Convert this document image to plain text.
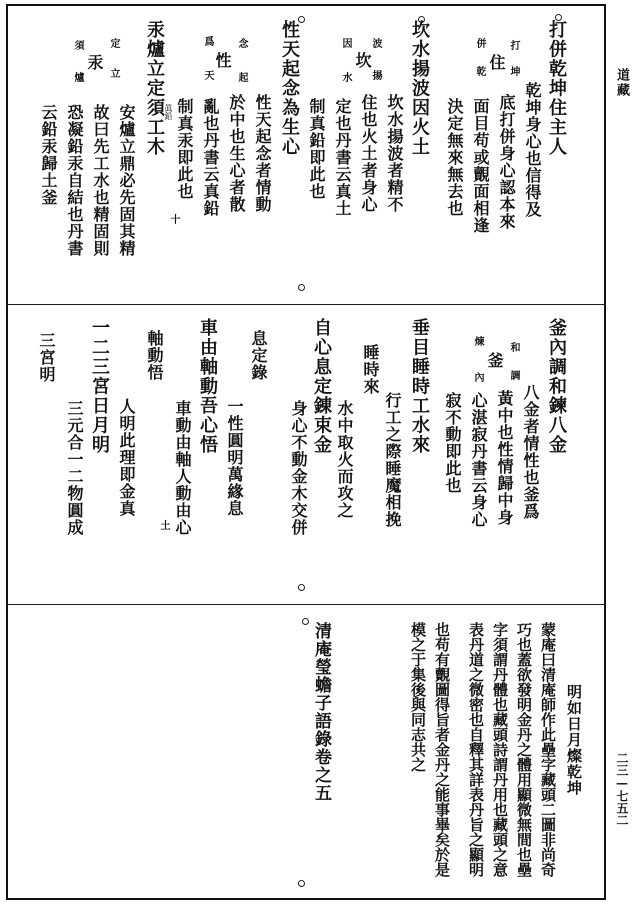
道藏
二三—七五二
打併乾坤住主人
打
坤
併
住
乾
乾坤身心也信得及
底打併身心認本來
面目苟或覿面相逢
決定無來無去也
坎水揚波因火土
波
揚
因
坎
水
坎水揚波者精不
住也火土者身心
定也丹書云真土
制真鉛即此也
性天起念為生心
念
起
爲
性
天
性天起念者情動
於中也生心者散
亂也丹書云真鉛
制真汞即此也
眞鉛
十
汞爐立定須工木
定
立
須
汞
爐
安爐立鼎必先固其精
故曰先工水也精固則
恐凝鉛汞自結也丹書
云鉛汞歸土釜
釜內調和鍊八金
和
調
煉
釜
內
八金者情性也釜爲
黃中也性情歸中身
心湛寂丹書云身心
寂不動即此也
垂目睡時工水來
睡時來
行工之際睡魔相挽
水中取火而攻之
自心息定錬束金
身心不動金木交併
息定錄
一性圓明萬緣息
車由軸動吾心悟
車動由軸人動由心
土
軸動悟
人明此理即金真
一二三宮日月明
三元合一二物圓成
三宮明
蒙庵曰清庵師作此壘字藏頭二圖非尚奇
巧也蓋欲發明金丹之體用顯微無間也壘
字須謂丹體也藏頭詩謂丹用也藏頭之意
表丹道之微密也自釋其詳表丹旨之顯明
也苟有覿圖得旨者金丹之能事畢矣於是
模之于集後與同志共之	明如日月燦乾坤
清庵瑩蟾子語錄卷之五
